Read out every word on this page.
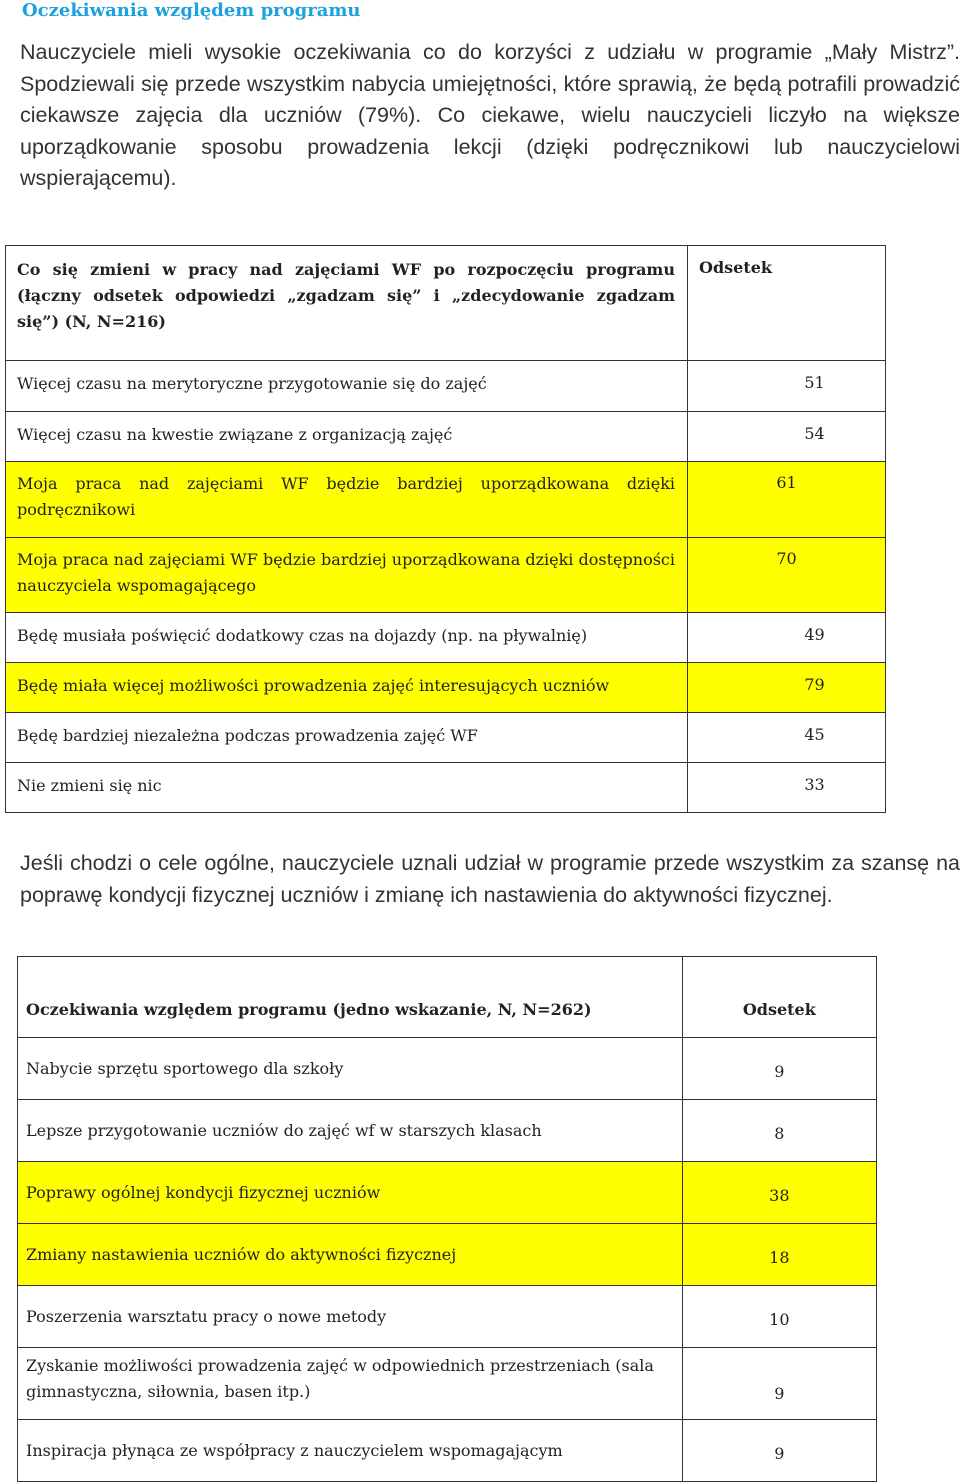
Oczekiwania względem programu

Nauczyciele mieli wysokie oczekiwania co do korzyści z udziału w programie „Mały Mistrz”. Spodziewali się przede wszystkim nabycia umiejętności, które sprawią, że będą potrafili prowadzić ciekawsze zajęcia dla uczniów (79%). Co ciekawe, wielu nauczycieli liczyło na większe uporządkowanie sposobu prowadzenia lekcji (dzięki podręcznikowi lub nauczycielowi wspierającemu).

Co się zmieni w pracy nad zajęciami WF po rozpoczęciu programu (łączny odsetek odpowiedzi „zgadzam się” i „zdecydowanie zgadzam się”) (N, N=216)	Odsetek
Więcej czasu na merytoryczne przygotowanie się do zajęć	51
Więcej czasu na kwestie związane z organizacją zajęć	54
Moja praca nad zajęciami WF będzie bardziej uporządkowana dzięki podręcznikowi	61
Moja praca nad zajęciami WF będzie bardziej uporządkowana dzięki dostępności nauczyciela wspomagającego	70
Będę musiała poświęcić dodatkowy czas na dojazdy (np. na pływalnię)	49
Będę miała więcej możliwości prowadzenia zajęć interesujących uczniów	79
Będę bardziej niezależna podczas prowadzenia zajęć WF	45
Nie zmieni się nic	33

Jeśli chodzi o cele ogólne, nauczyciele uznali udział w programie przede wszystkim za szansę na poprawę kondycji fizycznej uczniów i zmianę ich nastawienia do aktywności fizycznej.

Oczekiwania względem programu (jedno wskazanie, N, N=262)	Odsetek
Nabycie sprzętu sportowego dla szkoły	9
Lepsze przygotowanie uczniów do zajęć wf w starszych klasach	8
Poprawy ogólnej kondycji fizycznej uczniów	38
Zmiany nastawienia uczniów do aktywności fizycznej	18
Poszerzenia warsztatu pracy o nowe metody	10
Zyskanie możliwości prowadzenia zajęć w odpowiednich przestrzeniach (sala gimnastyczna, siłownia, basen itp.)	9
Inspiracja płynąca ze współpracy z nauczycielem wspomagającym	9
